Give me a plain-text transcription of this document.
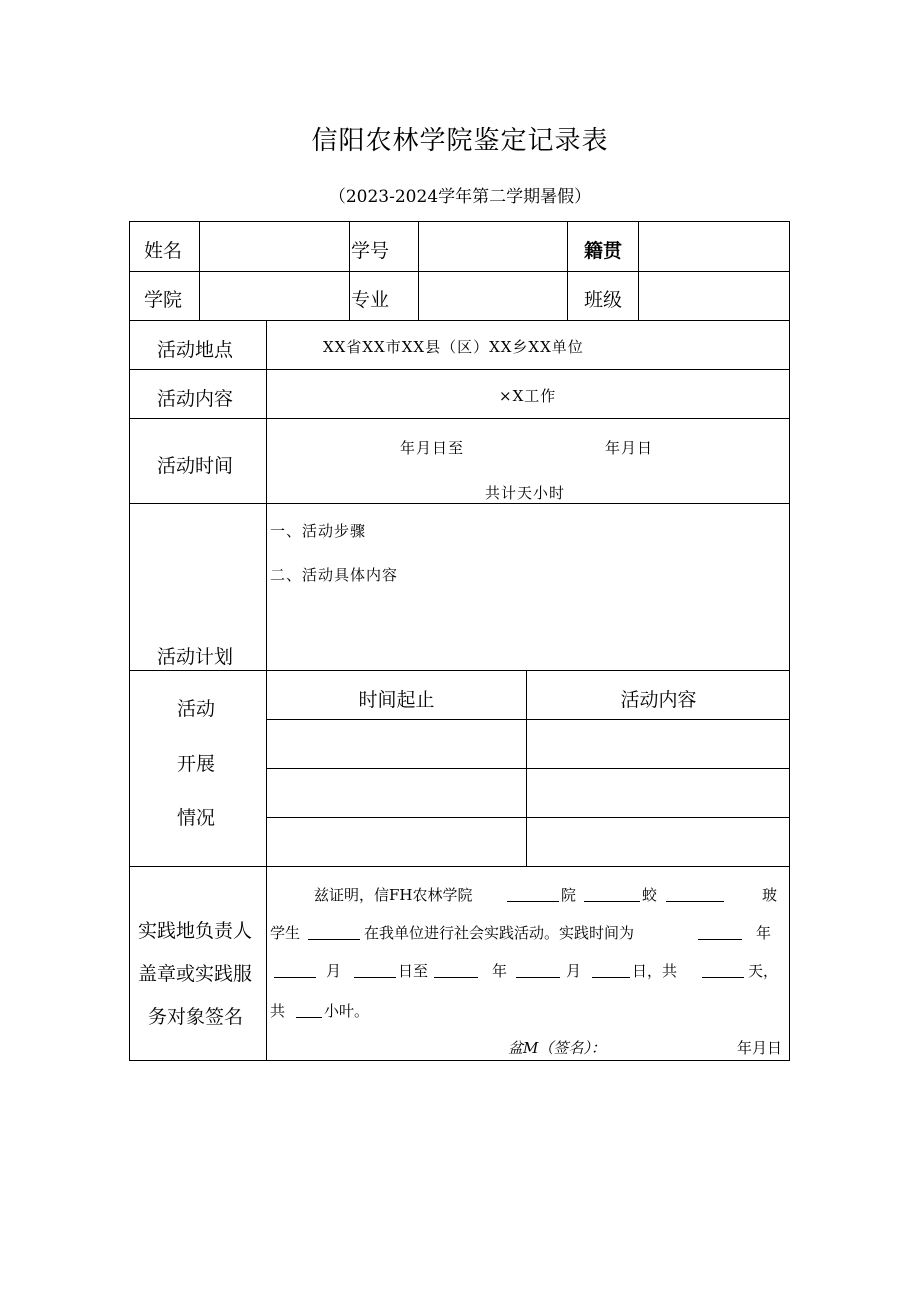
信阳农林学院鉴定记录表
（2023-2024学年第二学期暑假）
姓名	学号	籍贯
学院	专业	班级
活动地点	XX省XX市XX县（区）XX乡XX单位
活动内容	×X工作
活动时间
年月日至	年月日
共计天小时
活动计划
一、活动步骤
二、活动具体内容
活动
开展
情况
时间起止	活动内容
实践地负责人
盖章或实践服
务对象签名
兹证明，信FH农林学院	院	蛟	玻
学生	在我单位进行社会实践活动。实践时间为	年
月	日至	年	月	日，共	天，
共	小叶。
盆M（签名）：	年月日
